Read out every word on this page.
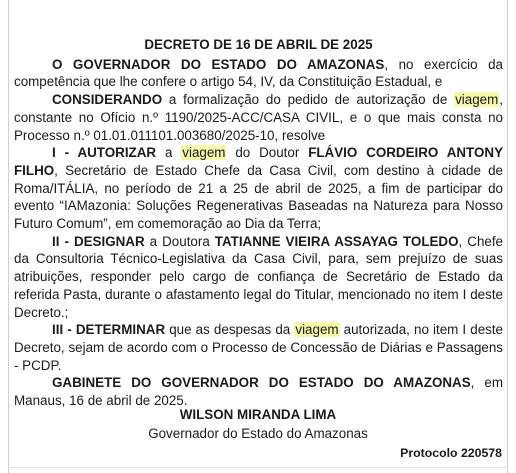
DECRETO DE 16 DE ABRIL DE 2025

O GOVERNADOR DO ESTADO DO AMAZONAS, no exercício da competência que lhe confere o artigo 54, IV, da Constituição Estadual, e

CONSIDERANDO a formalização do pedido de autorização de viagem, constante no Ofício n.º 1190/2025-ACC/CASA CIVIL, e o que mais consta no Processo n.º 01.01.011101.003680/2025-10, resolve

I - AUTORIZAR a viagem do Doutor FLÁVIO CORDEIRO ANTONY FILHO, Secretário de Estado Chefe da Casa Civil, com destino à cidade de Roma/ITÁLIA, no período de 21 a 25 de abril de 2025, a fim de participar do evento “IAMazonia: Soluções Regenerativas Baseadas na Natureza para Nosso Futuro Comum”, em comemoração ao Dia da Terra;

II - DESIGNAR a Doutora TATIANNE VIEIRA ASSAYAG TOLEDO, Chefe da Consultoria Técnico-Legislativa da Casa Civil, para, sem prejuízo de suas atribuições, responder pelo cargo de confiança de Secretário de Estado da referida Pasta, durante o afastamento legal do Titular, mencionado no item I deste Decreto.;

III - DETERMINAR que as despesas da viagem autorizada, no item I deste Decreto, sejam de acordo com o Processo de Concessão de Diárias e Passagens - PCDP.

GABINETE DO GOVERNADOR DO ESTADO DO AMAZONAS, em Manaus, 16 de abril de 2025.

WILSON MIRANDA LIMA
Governador do Estado do Amazonas
Protocolo 220578
